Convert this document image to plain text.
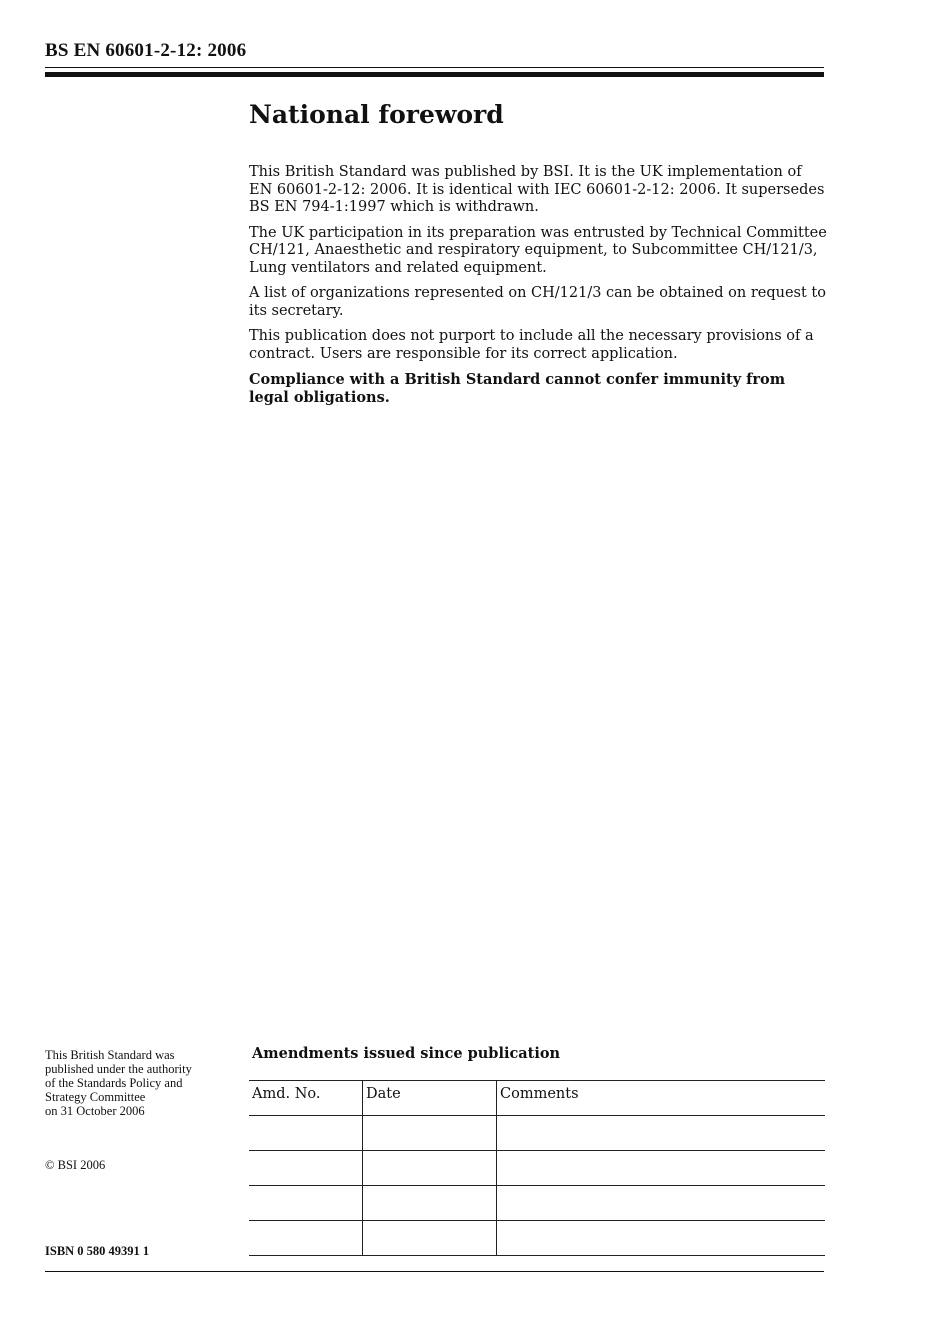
BS EN 60601-2-12: 2006
National foreword

This British Standard was published by BSI. It is the UK implementation of EN 60601-2-12: 2006. It is identical with IEC 60601-2-12: 2006. It supersedes BS EN 794-1:1997 which is withdrawn.

The UK participation in its preparation was entrusted by Technical Committee CH/121, Anaesthetic and respiratory equipment, to Subcommittee CH/121/3, Lung ventilators and related equipment.

A list of organizations represented on CH/121/3 can be obtained on request to its secretary.

This publication does not purport to include all the necessary provisions of a contract. Users are responsible for its correct application.

Compliance with a British Standard cannot confer immunity from legal obligations.

This British Standard was
published under the authority
of the Standards Policy and
Strategy Committee
on 31 October 2006

© BSI 2006

ISBN 0 580 49391 1

Amendments issued since publication
Amd. No.	Date	Comments
